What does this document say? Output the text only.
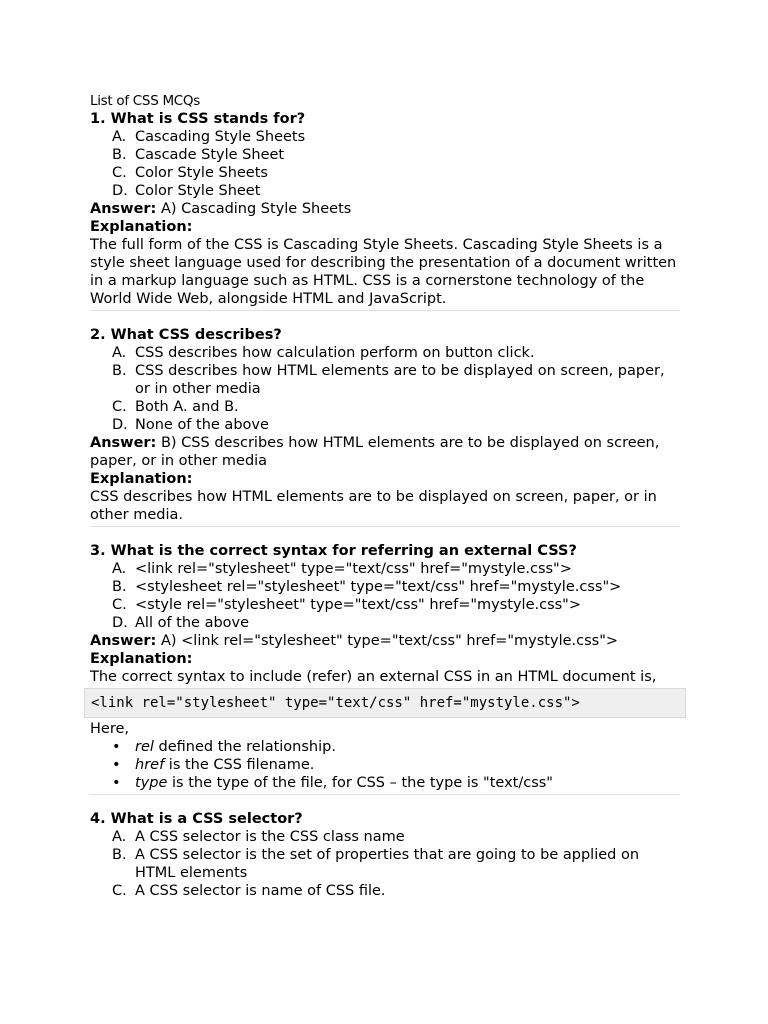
List of CSS MCQs
1. What is CSS stands for?
A. Cascading Style Sheets
B. Cascade Style Sheet
C. Color Style Sheets
D. Color Style Sheet
Answer: A) Cascading Style Sheets
Explanation:

The full form of the CSS is Cascading Style Sheets. Cascading Style Sheets is a style sheet language used for describing the presentation of a document written in a markup language such as HTML. CSS is a cornerstone technology of the World Wide Web, alongside HTML and JavaScript.

2. What CSS describes?
A. CSS describes how calculation perform on button click.
B. CSS describes how HTML elements are to be displayed on screen, paper, or in other media
C. Both A. and B.
D. None of the above
Answer: B) CSS describes how HTML elements are to be displayed on screen, paper, or in other media
Explanation:

CSS describes how HTML elements are to be displayed on screen, paper, or in other media.

3. What is the correct syntax for referring an external CSS?
A. <link rel="stylesheet" type="text/css" href="mystyle.css">
B. <stylesheet rel="stylesheet" type="text/css" href="mystyle.css">
C. <style rel="stylesheet" type="text/css" href="mystyle.css">
D. All of the above
Answer: A) <link rel="stylesheet" type="text/css" href="mystyle.css">
Explanation:

The correct syntax to include (refer) an external CSS in an HTML document is,

<link rel="stylesheet" type="text/css" href="mystyle.css">
Here,
• rel defined the relationship.
• href is the CSS filename.
• type is the type of the file, for CSS – the type is "text/css"
4. What is a CSS selector?
A. A CSS selector is the CSS class name
B. A CSS selector is the set of properties that are going to be applied on HTML elements
C. A CSS selector is name of CSS file.
